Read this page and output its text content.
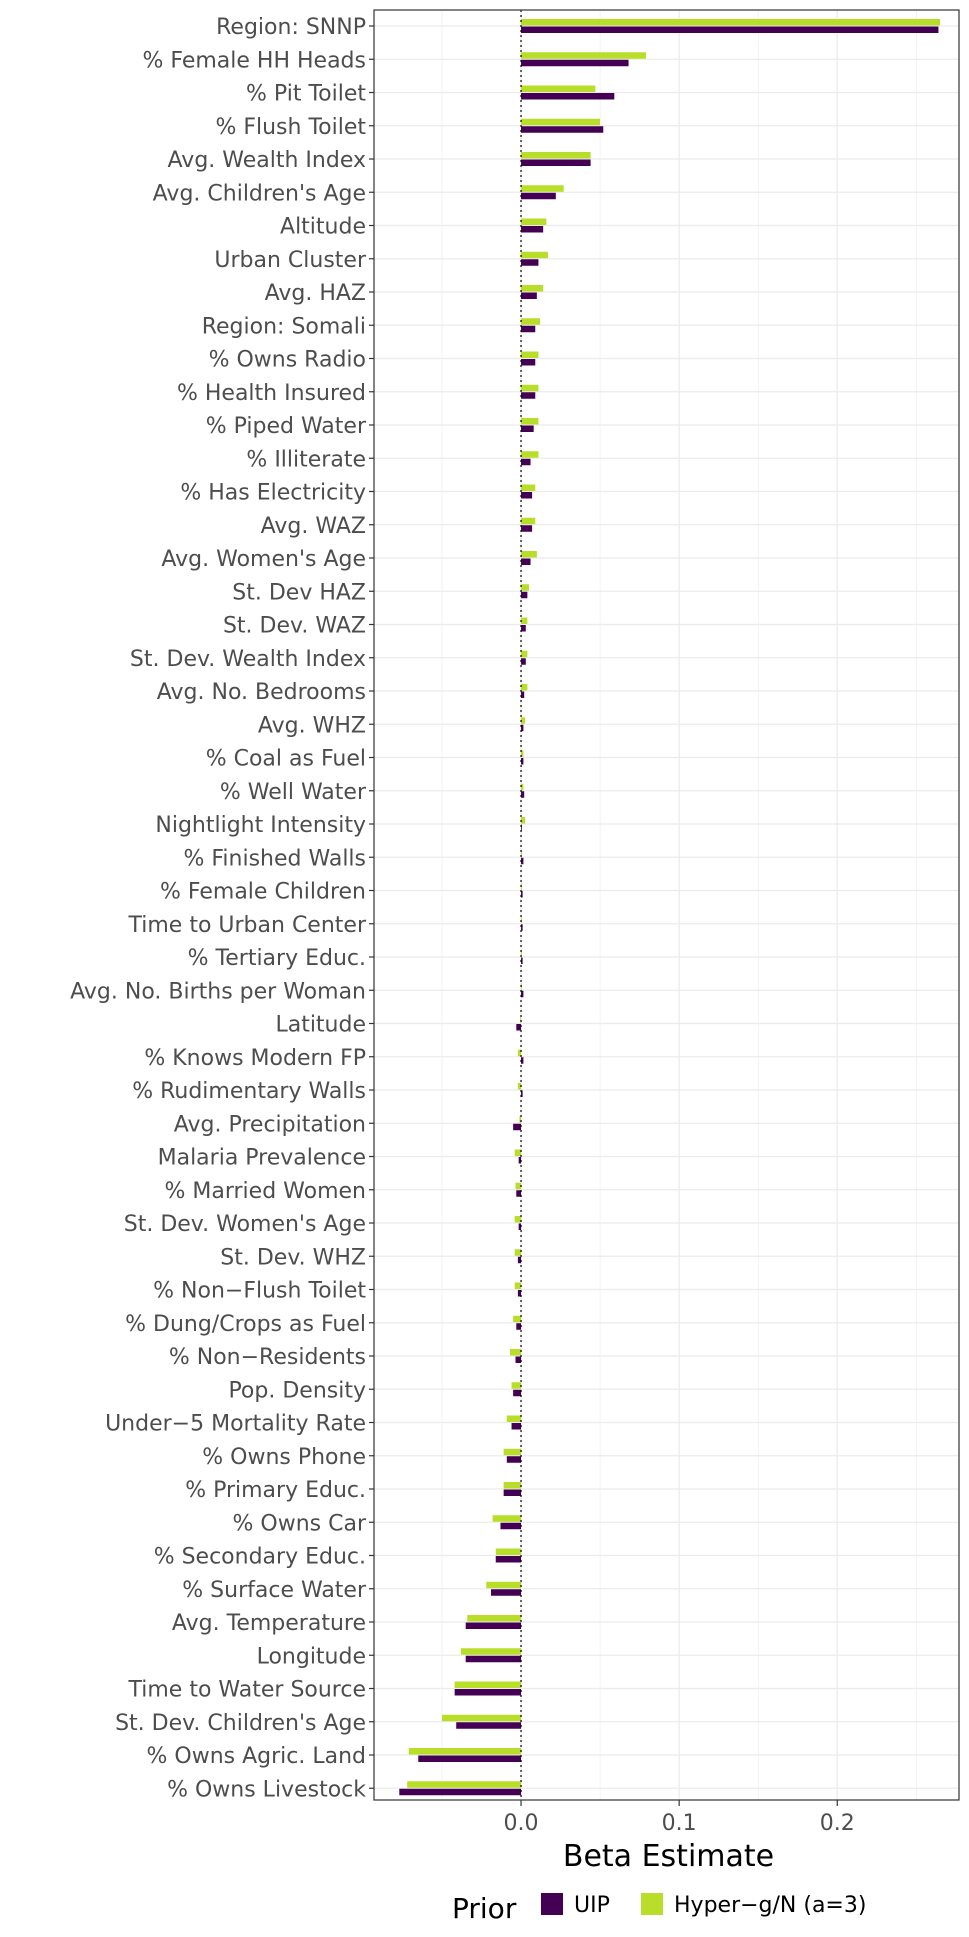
Region: SNNP
% Female HH Heads
% Pit Toilet
% Flush Toilet
Avg. Wealth Index
Avg. Children's Age
Altitude
Urban Cluster
Avg. HAZ
Region: Somali
% Owns Radio
% Health Insured
% Piped Water
% Illiterate
% Has Electricity
Avg. WAZ
Avg. Women's Age
St. Dev HAZ
St. Dev. WAZ
St. Dev. Wealth Index
Avg. No. Bedrooms
Avg. WHZ
% Coal as Fuel
% Well Water
Nightlight Intensity
% Finished Walls
% Female Children
Time to Urban Center
% Tertiary Educ.
Avg. No. Births per Woman
Latitude
% Knows Modern FP
% Rudimentary Walls
Avg. Precipitation
Malaria Prevalence
% Married Women
St. Dev. Women's Age
St. Dev. WHZ
% Non−Flush Toilet
% Dung/Crops as Fuel
% Non−Residents
Pop. Density
Under−5 Mortality Rate
% Owns Phone
% Primary Educ.
% Owns Car
% Secondary Educ.
% Surface Water
Avg. Temperature
Longitude
Time to Water Source
St. Dev. Children's Age
% Owns Agric. Land
% Owns Livestock
0.0	0.1	0.2
Beta Estimate
Prior	UIP	Hyper−g/N (a=3)
